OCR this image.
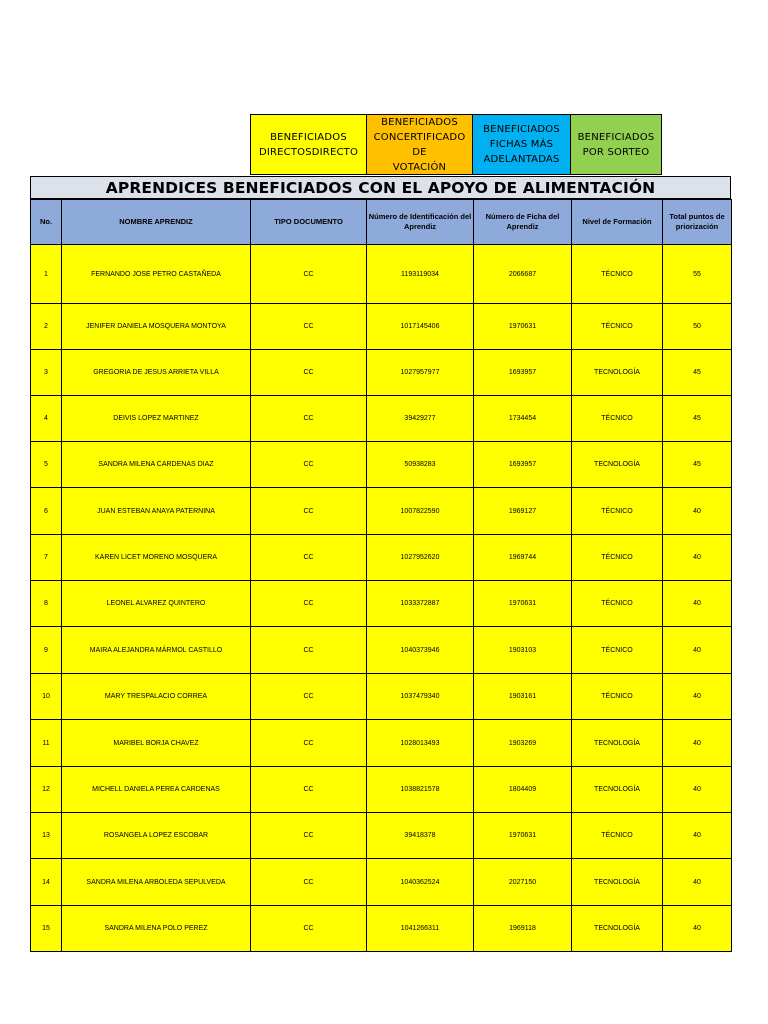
BENEFICIADOS
DIRECTOSDIRECTO
BENEFICIADOS
CONCERTIFICADO DE
VOTACIÓN
BENEFICIADOS
FICHAS MÁS
ADELANTADAS
BENEFICIADOS
POR SORTEO
APRENDICES BENEFICIADOS CON EL APOYO DE ALIMENTACIÓN
No.	NOMBRE APRENDIZ	TIPO DOCUMENTO	Número de Identificación del Aprendiz	Número de Ficha del Aprendiz	Nivel de Formación	Total puntos de priorización
1	FERNANDO JOSE PETRO CASTAÑEDA	CC	1193119034	2066687	TÉCNICO	55
2	JENIFER DANIELA MOSQUERA MONTOYA	CC	1017145406	1970631	TÉCNICO	50
3	GREGORIA DE JESUS ARRIETA VILLA	CC	1027957977	1693957	TECNOLOGÍA	45
4	DEIVIS LOPEZ MARTINEZ	CC	39429277	1734454	TÉCNICO	45
5	SANDRA MILENA CARDENAS DIAZ	CC	50938283	1693957	TECNOLOGÍA	45
6	JUAN ESTEBAN ANAYA PATERNINA	CC	1007822590	1969127	TÉCNICO	40
7	KAREN LICET MORENO MOSQUERA	CC	1027952620	1969744	TÉCNICO	40
8	LEONEL ALVAREZ QUINTERO	CC	1033372887	1970631	TÉCNICO	40
9	MAIRA ALEJANDRA MÁRMOL CASTILLO	CC	1040373946	1903103	TÉCNICO	40
10	MARY TRESPALACIO CORREA	CC	1037479340	1903161	TÉCNICO	40
11	MARIBEL BORJA CHAVEZ	CC	1028013493	1903269	TECNOLOGÍA	40
12	MICHELL DANIELA PEREA CARDENAS	CC	1038821578	1804409	TECNOLOGÍA	40
13	ROSANGELA LOPEZ ESCOBAR	CC	39418378	1970631	TÉCNICO	40
14	SANDRA MILENA ARBOLEDA SEPULVEDA	CC	1040362524	2027150	TECNOLOGÍA	40
15	SANDRA MILENA POLO PEREZ	CC	1041266311	1969118	TECNOLOGÍA	40
